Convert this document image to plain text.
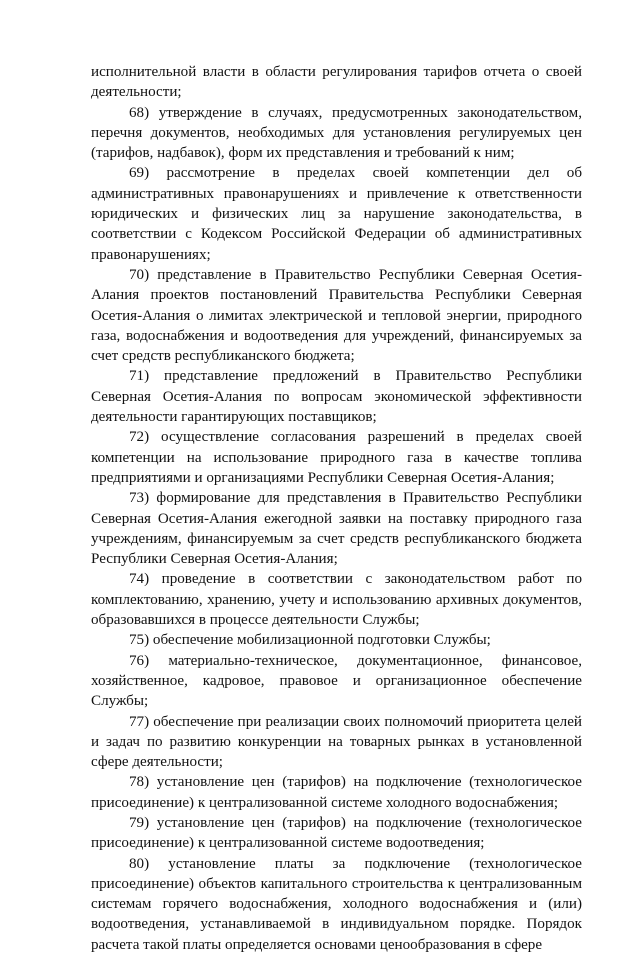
исполнительной власти в области регулирования тарифов отчета о своей деятельности;

68) утверждение в случаях, предусмотренных законодательством, перечня документов, необходимых для установления регулируемых цен (тарифов, надбавок), форм их представления и требований к ним;

69) рассмотрение в пределах своей компетенции дел об административных правонарушениях и привлечение к ответственности юридических и физических лиц за нарушение законодательства, в соответствии с Кодексом Российской Федерации об административных правонарушениях;

70) представление в Правительство Республики Северная Осетия-Алания проектов постановлений Правительства Республики Северная Осетия-Алания о лимитах электрической и тепловой энергии, природного газа, водоснабжения и водоотведения для учреждений, финансируемых за счет средств республиканского бюджета;

71) представление предложений в Правительство Республики Северная Осетия-Алания по вопросам экономической эффективности деятельности гарантирующих поставщиков;

72) осуществление согласования разрешений в пределах своей компетенции на использование природного газа в качестве топлива предприятиями и организациями Республики Северная Осетия-Алания;

73) формирование для представления в Правительство Республики Северная Осетия-Алания ежегодной заявки на поставку природного газа учреждениям, финансируемым за счет средств республиканского бюджета Республики Северная Осетия-Алания;

74) проведение в соответствии с законодательством работ по комплектованию, хранению, учету и использованию архивных документов, образовавшихся в процессе деятельности Службы;

75) обеспечение мобилизационной подготовки Службы;

76) материально-техническое, документационное, финансовое, хозяйственное, кадровое, правовое и организационное обеспечение Службы;

77) обеспечение при реализации своих полномочий приоритета целей и задач по развитию конкуренции на товарных рынках в установленной сфере деятельности;

78) установление цен (тарифов) на подключение (технологическое присоединение) к централизованной системе холодного водоснабжения;

79) установление цен (тарифов) на подключение (технологическое присоединение) к централизованной системе водоотведения;

80) установление платы за подключение (технологическое присоединение) объектов капитального строительства к централизованным системам горячего водоснабжения, холодного водоснабжения и (или) водоотведения, устанавливаемой в индивидуальном порядке. Порядок расчета такой платы определяется основами ценообразования в сфере
